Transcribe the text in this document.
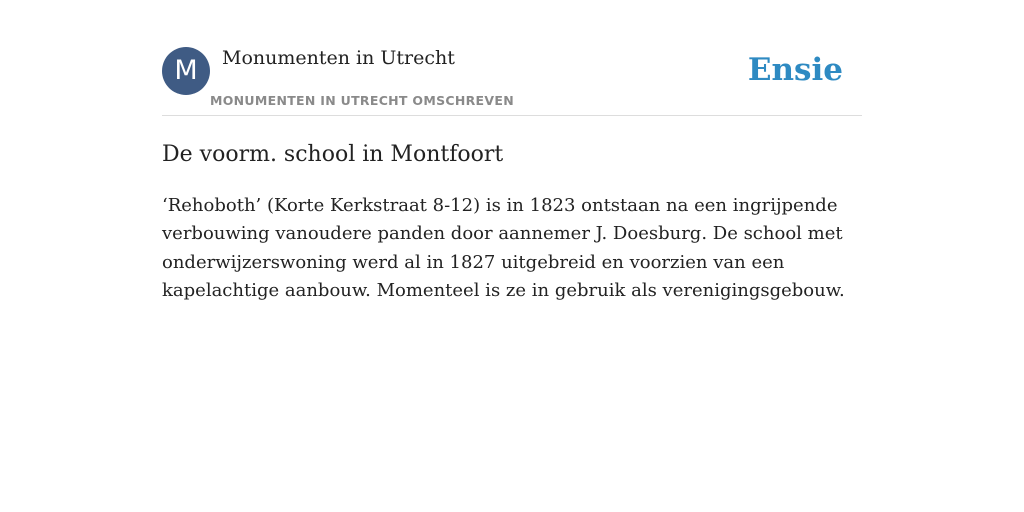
M	Monumenten in Utrecht
MONUMENTEN IN UTRECHT OMSCHREVEN
Ensie
De voorm. school in Montfoort

‘Rehoboth’ (Korte Kerkstraat 8-12) is in 1823 ontstaan na een ingrijpende verbouwing vanoudere panden door aannemer J. Doesburg. De school met onderwijzerswoning werd al in 1827 uitgebreid en voorzien van een kapelachtige aanbouw. Momenteel is ze in gebruik als verenigingsgebouw.
